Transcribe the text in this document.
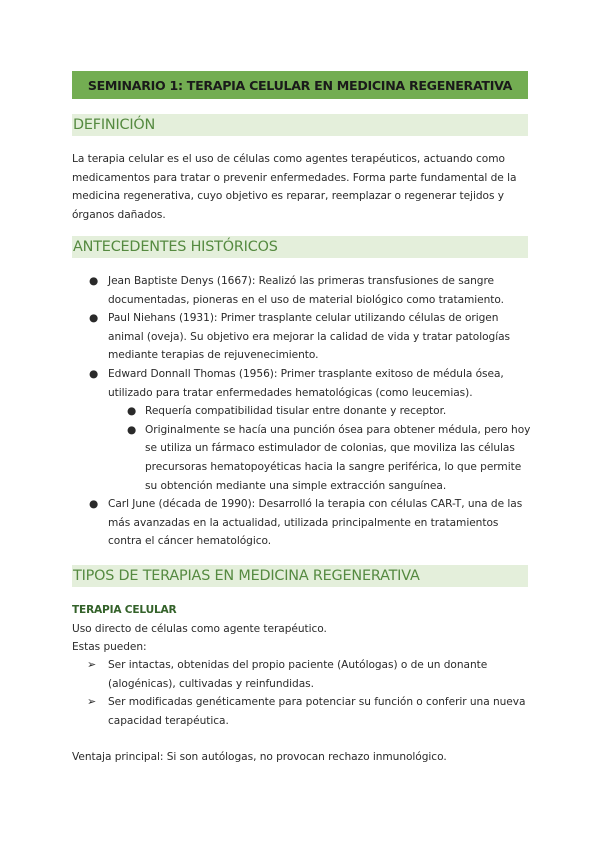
SEMINARIO 1: TERAPIA CELULAR EN MEDICINA REGENERATIVA
DEFINICIÓN

La terapia celular es el uso de células como agentes terapéuticos, actuando como medicamentos para tratar o prevenir enfermedades. Forma parte fundamental de la medicina regenerativa, cuyo objetivo es reparar, reemplazar o regenerar tejidos y órganos dañados.

ANTECEDENTES HISTÓRICOS
● Jean Baptiste Denys (1667): Realizó las primeras transfusiones de sangre documentadas, pioneras en el uso de material biológico como tratamiento.
● Paul Niehans (1931): Primer trasplante celular utilizando células de origen animal (oveja). Su objetivo era mejorar la calidad de vida y tratar patologías mediante terapias de rejuvenecimiento.
● Edward Donnall Thomas (1956): Primer trasplante exitoso de médula ósea, utilizado para tratar enfermedades hematológicas (como leucemias).
● Requería compatibilidad tisular entre donante y receptor.
● Originalmente se hacía una punción ósea para obtener médula, pero hoy se utiliza un fármaco estimulador de colonias, que moviliza las células precursoras hematopoyéticas hacia la sangre periférica, lo que permite su obtención mediante una simple extracción sanguínea.
● Carl June (década de 1990): Desarrolló la terapia con células CAR-T, una de las más avanzadas en la actualidad, utilizada principalmente en tratamientos contra el cáncer hematológico.
TIPOS DE TERAPIAS EN MEDICINA REGENERATIVA
TERAPIA CELULAR

Uso directo de células como agente terapéutico.

Estas pueden:

➢ Ser intactas, obtenidas del propio paciente (Autólogas) o de un donante (alogénicas), cultivadas y reinfundidas.
➢ Ser modificadas genéticamente para potenciar su función o conferir una nueva capacidad terapéutica.

Ventaja principal: Si son autólogas, no provocan rechazo inmunológico.
